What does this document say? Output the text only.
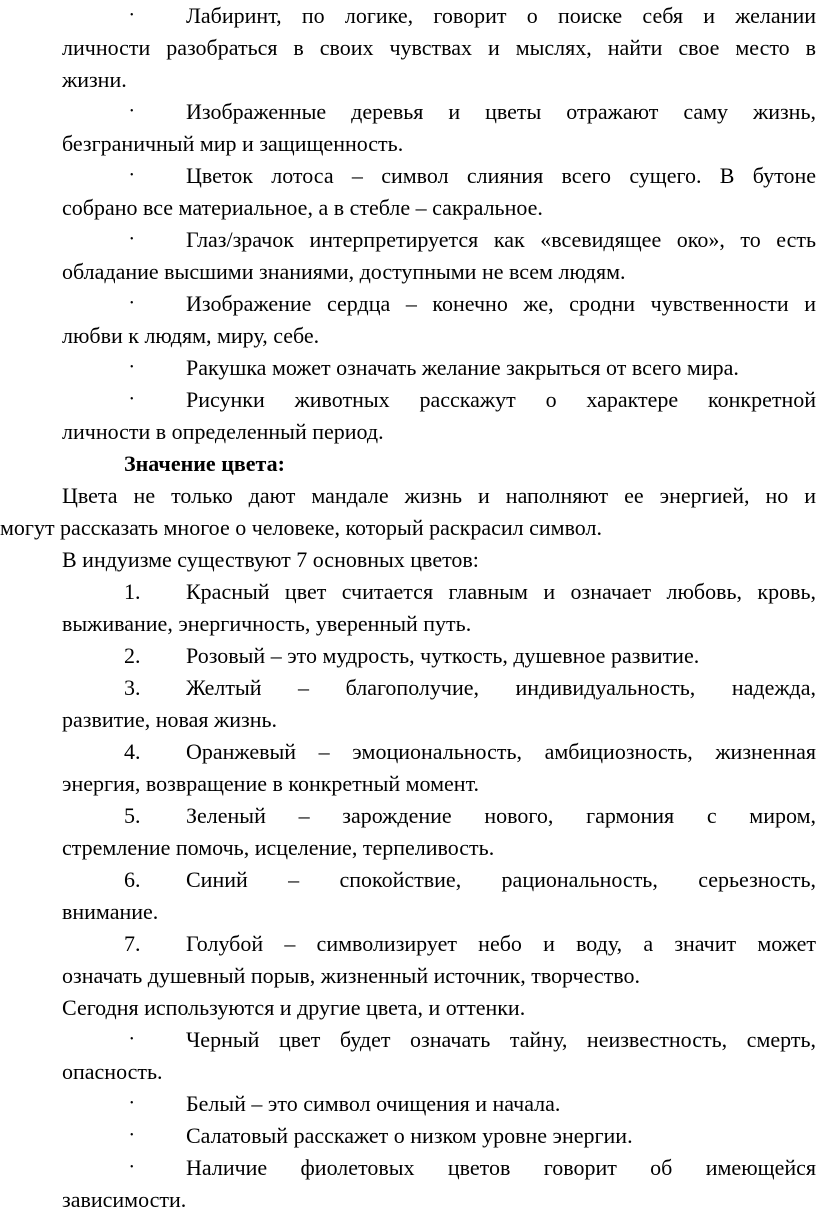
• Лабиринт, по логике, говорит о поиске себя и желании
личности разобраться в своих чувствах и мыслях, найти свое место в
жизни.
• Изображенные деревья и цветы отражают саму жизнь,
безграничный мир и защищенность.
• Цветок лотоса – символ слияния всего сущего. В бутоне
собрано все материальное, а в стебле – сакральное.
• Глаз/зрачок интерпретируется как «всевидящее око», то есть
обладание высшими знаниями, доступными не всем людям.
• Изображение сердца – конечно же, сродни чувственности и
любви к людям, миру, себе.
• Ракушка может означать желание закрыться от всего мира.
• Рисунки животных расскажут о характере конкретной
личности в определенный период.
Значение цвета:
Цвета не только дают мандале жизнь и наполняют ее энергией, но и
могут рассказать многое о человеке, который раскрасил символ.
В индуизме существуют 7 основных цветов:
1. Красный цвет считается главным и означает любовь, кровь,
выживание, энергичность, уверенный путь.
2. Розовый – это мудрость, чуткость, душевное развитие.
3. Желтый – благополучие, индивидуальность, надежда,
развитие, новая жизнь.
4. Оранжевый – эмоциональность, амбициозность, жизненная
энергия, возвращение в конкретный момент.
5. Зеленый – зарождение нового, гармония с миром,
стремление помочь, исцеление, терпеливость.
6. Синий – спокойствие, рациональность, серьезность,
внимание.
7. Голубой – символизирует небо и воду, а значит может
означать душевный порыв, жизненный источник, творчество.
Сегодня используются и другие цвета, и оттенки.
• Черный цвет будет означать тайну, неизвестность, смерть,
опасность.
• Белый – это символ очищения и начала.
• Салатовый расскажет о низком уровне энергии.
• Наличие фиолетовых цветов говорит об имеющейся
зависимости.
